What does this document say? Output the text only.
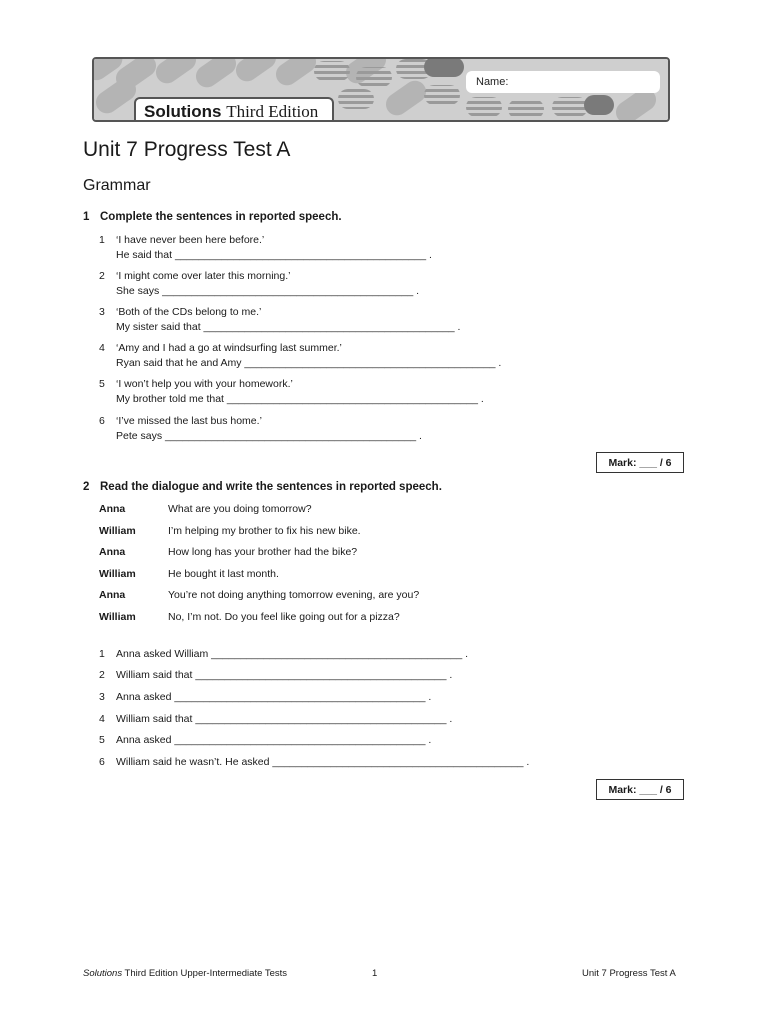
Name:
Solutions Third Edition
Unit 7 Progress Test A
Grammar
1 Complete the sentences in reported speech.
1 ‘I have never been here before.’
He said that ___________________________________________ .
2 ‘I might come over later this morning.’
She says ___________________________________________ .
3 ‘Both of the CDs belong to me.’
My sister said that ___________________________________________ .
4 ‘Amy and I had a go at windsurfing last summer.’
Ryan said that he and Amy ___________________________________________ .
5 ‘I won’t help you with your homework.’
My brother told me that ___________________________________________ .
6 ‘I’ve missed the last bus home.’
Pete says ___________________________________________ .
Mark: ___ / 6
2 Read the dialogue and write the sentences in reported speech.
Anna	What are you doing tomorrow?
William	I’m helping my brother to fix his new bike.
Anna	How long has your brother had the bike?
William	He bought it last month.
Anna	You’re not doing anything tomorrow evening, are you?
William	No, I’m not. Do you feel like going out for a pizza?
1 Anna asked William ___________________________________________ .
2 William said that ___________________________________________ .
3 Anna asked ___________________________________________ .
4 William said that ___________________________________________ .
5 Anna asked ___________________________________________ .
6 William said he wasn’t. He asked ___________________________________________ .
Mark: ___ / 6
Solutions Third Edition Upper-Intermediate Tests	1	Unit 7 Progress Test A
